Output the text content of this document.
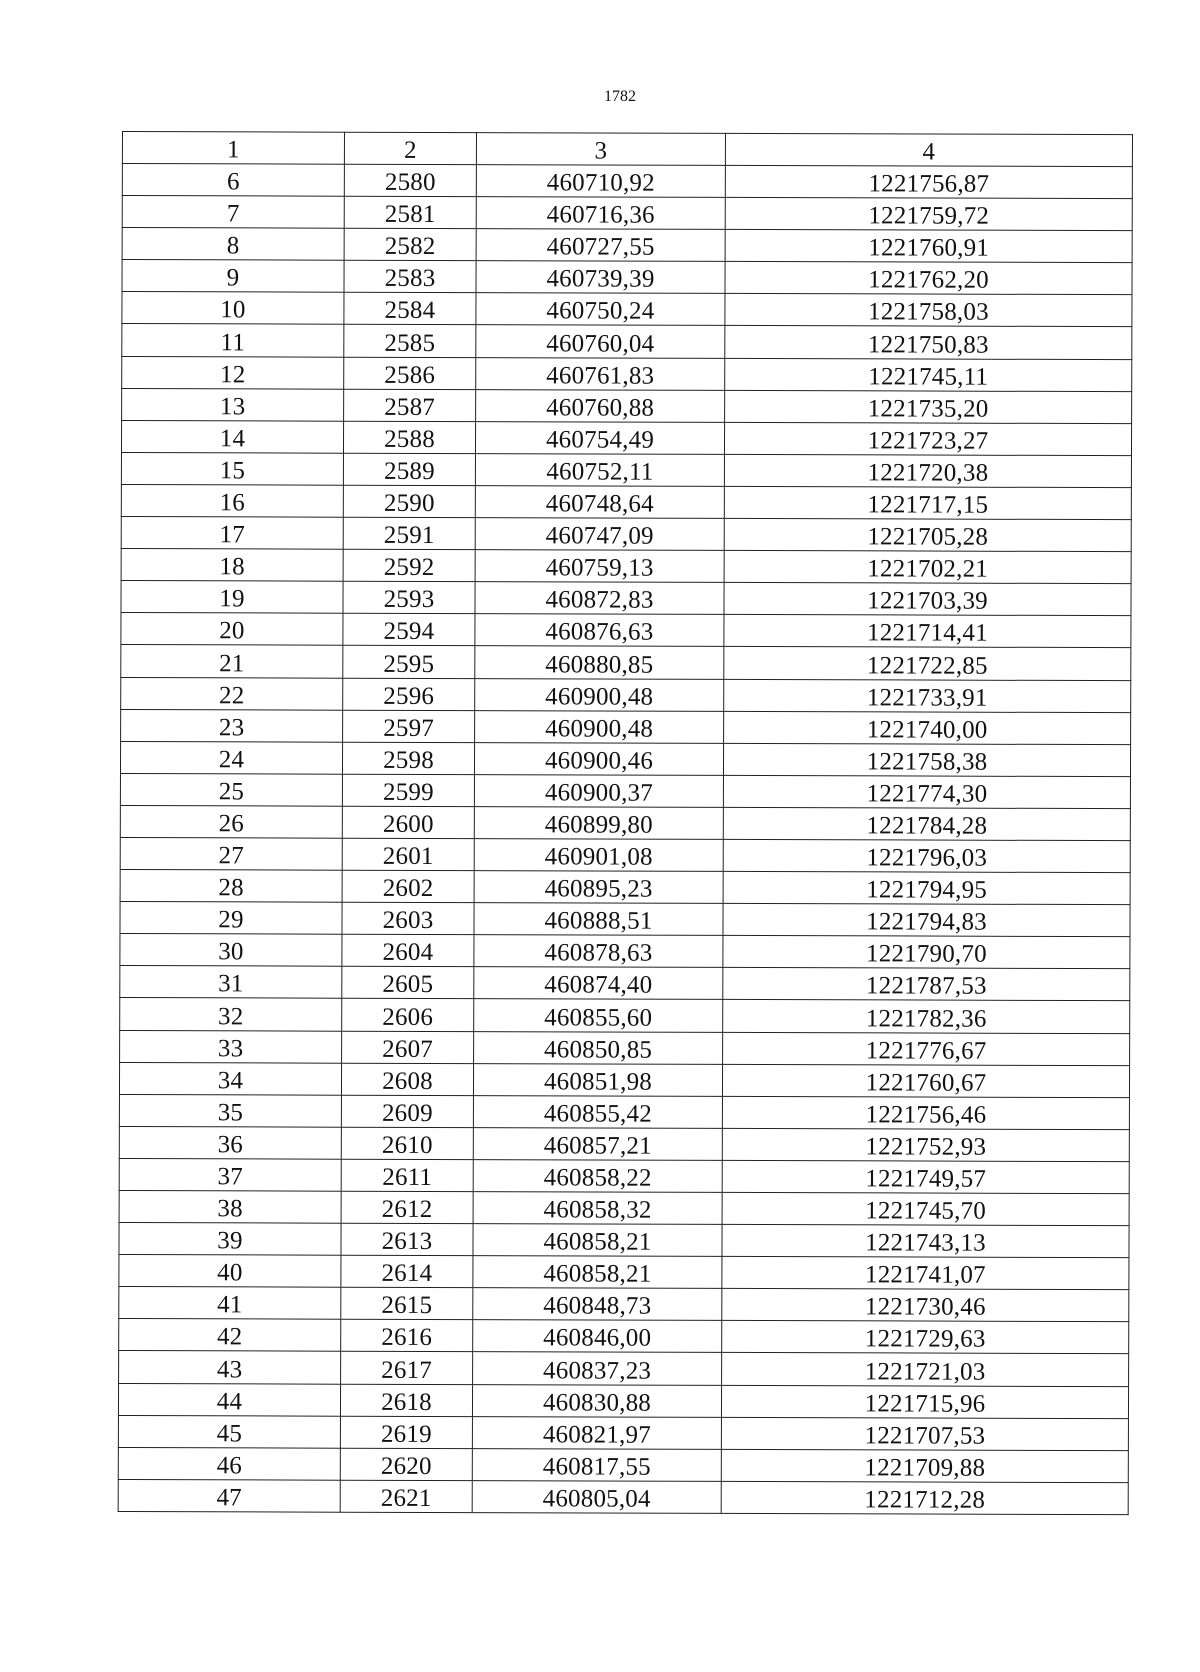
1782
1	2	3	4
6	2580	460710,92	1221756,87
7	2581	460716,36	1221759,72
8	2582	460727,55	1221760,91
9	2583	460739,39	1221762,20
10	2584	460750,24	1221758,03
11	2585	460760,04	1221750,83
12	2586	460761,83	1221745,11
13	2587	460760,88	1221735,20
14	2588	460754,49	1221723,27
15	2589	460752,11	1221720,38
16	2590	460748,64	1221717,15
17	2591	460747,09	1221705,28
18	2592	460759,13	1221702,21
19	2593	460872,83	1221703,39
20	2594	460876,63	1221714,41
21	2595	460880,85	1221722,85
22	2596	460900,48	1221733,91
23	2597	460900,48	1221740,00
24	2598	460900,46	1221758,38
25	2599	460900,37	1221774,30
26	2600	460899,80	1221784,28
27	2601	460901,08	1221796,03
28	2602	460895,23	1221794,95
29	2603	460888,51	1221794,83
30	2604	460878,63	1221790,70
31	2605	460874,40	1221787,53
32	2606	460855,60	1221782,36
33	2607	460850,85	1221776,67
34	2608	460851,98	1221760,67
35	2609	460855,42	1221756,46
36	2610	460857,21	1221752,93
37	2611	460858,22	1221749,57
38	2612	460858,32	1221745,70
39	2613	460858,21	1221743,13
40	2614	460858,21	1221741,07
41	2615	460848,73	1221730,46
42	2616	460846,00	1221729,63
43	2617	460837,23	1221721,03
44	2618	460830,88	1221715,96
45	2619	460821,97	1221707,53
46	2620	460817,55	1221709,88
47	2621	460805,04	1221712,28
